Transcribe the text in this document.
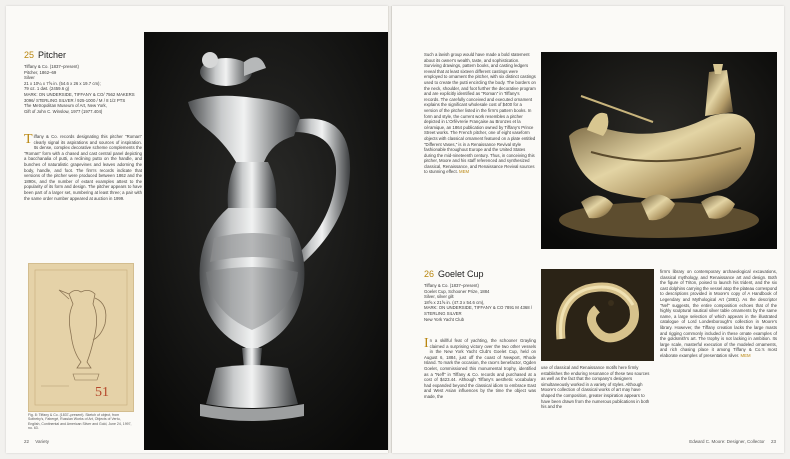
25 Pitcher
Tiffany & Co. (1837–present)
Pitcher, 1862–69
Silver
21 x 10¼ x 7⅝ in. (54.6 x 26 x 19.7 cm);
79 oz. 1 dwt. (2459.6 g)
MARK: ON UNDERSIDE, TIFFANY & CO/ 7562 MAKERS 3096/ STERLING SILVER / 925-1000 / M / 8 1/2 PTS
The Metropolitan Museum of Art, New York,
Gift of John C. Winslow, 1977 (1977.404)
Tiffany & Co. records designating this pitcher "Roman" clearly signal its aspirations and sources of inspiration. Its dense, complex decorative scheme complements the "Roman" form with a chased and cast central panel depicting a bacchanalia of putti, a reclining putto on the handle, and bunches of naturalistic grapevines and leaves adorning the body, handle, and foot. The firm's records indicate that versions of the pitcher were produced between 1862 and the 1890s, and the number of extant examples attest to the popularity of its form and design. The pitcher appears to have been part of a larger set, numbering at least three; a pair with the same order number appeared at auction in 1999.
51
Fig. 8: Tiffany & Co. (1837–present). Sketch of object, from Sotheby's, Fabergé, Russian Works of Art, Objects of Vertu, English, Continental and American Silver and Gold, June 24, 1997, no. 63.
22 Variety
Such a lavish group would have made a bold statement about its owner's wealth, taste, and sophistication. Surviving drawings, pattern books, and casting ledgers reveal that at least sixteen different castings were employed to ornament the pitcher, with six distinct castings used to create the putti encircling the body. The borders on the neck, shoulder, and foot further the decorative program and are explicitly identified as "Roman" in Tiffany's records. The carefully conceived and executed ornament explains the significant wholesale cost of $400 for a version of the pitcher listed in the firm's pattern books. In form and style, the current work resembles a pitcher depicted in L'Orfèvrerie Française au Bronzes et la céramique, an 1864 publication owned by Tiffany's Prince Street works. The French pitcher, one of eight vaseform objects with classical ornament featured on a plate entitled "Different Vases," is in a Renaissance Revival style fashionable throughout Europe and the United States during the mid-nineteenth century. Thus, in conceiving this pitcher, Moore and his staff referenced and synthesized classical, Renaissance, and Renaissance Revival sources to stunning effect. MEM
26 Goelet Cup
Tiffany & Co. (1837–present)
Goelet Cup, Schooner Prize, 1884
Silver, silver gilt
18⅝ x 21⅝ in. (47.3 x 54.6 cm),
MARK: ON UNDERSIDE, TIFFANY & CO 7891 M 4368 / STERLING SILVER
New York Yacht Club
In a skillful feat of yachting, the schooner Grayling claimed a surprising victory over the two other vessels in the New York Yacht Club's Goelet Cup, held on August 6, 1884, just off the coast of Newport, Rhode Island. To mark the occasion, the race's benefactor, Ogden Goelet, commissioned this monumental trophy, identified as a "Neff" in Tiffany & Co. records and purchased at a cost of $423.44. Although Tiffany's aesthetic vocabulary had expanded beyond the classical idiom to embrace East and West Asian influences by the time the object was made, the
use of classical and Renaissance motifs here firmly establishes the enduring resonance of these two sources as well as the fact that the company's designers simultaneously worked in a variety of styles. Although Moore's collection of classical works of art may have shaped the composition, greater inspiration appears to have been drawn from the numerous publications in both his and the
firm's library on contemporary archaeological excavations, classical mythology, and Renaissance art and design. Both the figure of Triton, poised to launch his trident, and the six cast dolphins carrying the vessel atop the plateau correspond to descriptions provided in Moore's copy of A Handbook of Legendary and Mythological Art (1881). As the descriptor "Nef" suggests, the entire composition echoes that of the highly sculptural nautical silver table ornaments by the same name, a large selection of which appears in the illustrated catalogue of Lord Londesborough's collection in Moore's library. However, the Tiffany creation lacks the large masts and rigging commonly included in these ornate examples of the goldsmith's art. The trophy is not lacking in ambition. Its large scale, masterful execution of the modeled ornaments, and rich chasing place it among Tiffany & Co.'s most elaborate examples of presentation silver. MEM
Edward C. Moore: Designer, Collector 23
